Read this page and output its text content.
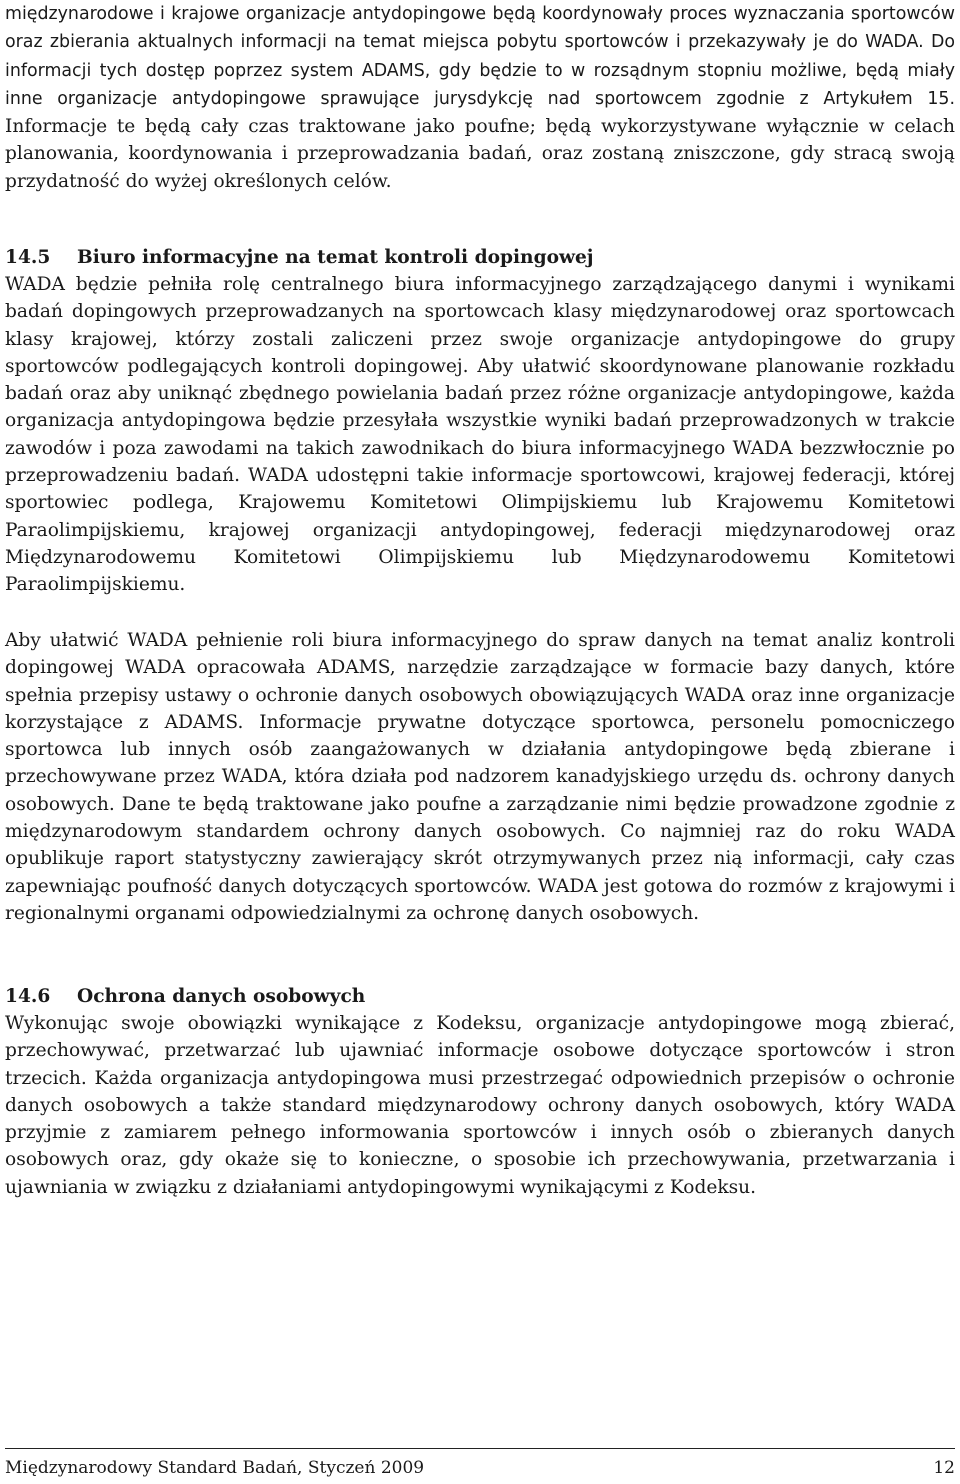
międzynarodowe i krajowe organizacje antydopingowe będą koordynowały proces wyznaczania sportowców oraz zbierania aktualnych informacji na temat miejsca pobytu sportowców i przekazywały je do WADA. Do informacji tych dostęp poprzez system ADAMS, gdy będzie to w rozsądnym stopniu możliwe, będą miały inne organizacje antydopingowe sprawujące jurysdykcję nad sportowcem zgodnie z Artykułem 15. Informacje te będą cały czas traktowane jako poufne; będą wykorzystywane wyłącznie w celach planowania, koordynowania i przeprowadzania badań, oraz zostaną zniszczone, gdy stracą swoją przydatność do wyżej określonych celów.

14.5 Biuro informacyjne na temat kontroli dopingowej

WADA będzie pełniła rolę centralnego biura informacyjnego zarządzającego danymi i wynikami badań dopingowych przeprowadzanych na sportowcach klasy międzynarodowej oraz sportowcach klasy krajowej, którzy zostali zaliczeni przez swoje organizacje antydopingowe do grupy sportowców podlegających kontroli dopingowej. Aby ułatwić skoordynowane planowanie rozkładu badań oraz aby uniknąć zbędnego powielania badań przez różne organizacje antydopingowe, każda organizacja antydopingowa będzie przesyłała wszystkie wyniki badań przeprowadzonych w trakcie zawodów i poza zawodami na takich zawodnikach do biura informacyjnego WADA bezzwłocznie po przeprowadzeniu badań. WADA udostępni takie informacje sportowcowi, krajowej federacji, której sportowiec podlega, Krajowemu Komitetowi Olimpijskiemu lub Krajowemu Komitetowi Paraolimpijskiemu, krajowej organizacji antydopingowej, federacji międzynarodowej oraz Międzynarodowemu Komitetowi Olimpijskiemu lub Międzynarodowemu Komitetowi Paraolimpijskiemu.

Aby ułatwić WADA pełnienie roli biura informacyjnego do spraw danych na temat analiz kontroli dopingowej WADA opracowała ADAMS, narzędzie zarządzające w formacie bazy danych, które spełnia przepisy ustawy o ochronie danych osobowych obowiązujących WADA oraz inne organizacje korzystające z ADAMS. Informacje prywatne dotyczące sportowca, personelu pomocniczego sportowca lub innych osób zaangażowanych w działania antydopingowe będą zbierane i przechowywane przez WADA, która działa pod nadzorem kanadyjskiego urzędu ds. ochrony danych osobowych. Dane te będą traktowane jako poufne a zarządzanie nimi będzie prowadzone zgodnie z międzynarodowym standardem ochrony danych osobowych. Co najmniej raz do roku WADA opublikuje raport statystyczny zawierający skrót otrzymywanych przez nią informacji, cały czas zapewniając poufność danych dotyczących sportowców. WADA jest gotowa do rozmów z krajowymi i regionalnymi organami odpowiedzialnymi za ochronę danych osobowych.

14.6 Ochrona danych osobowych

Wykonując swoje obowiązki wynikające z Kodeksu, organizacje antydopingowe mogą zbierać, przechowywać, przetwarzać lub ujawniać informacje osobowe dotyczące sportowców i stron trzecich. Każda organizacja antydopingowa musi przestrzegać odpowiednich przepisów o ochronie danych osobowych a także standard międzynarodowy ochrony danych osobowych, który WADA przyjmie z zamiarem pełnego informowania sportowców i innych osób o zbieranych danych osobowych oraz, gdy okaże się to konieczne, o sposobie ich przechowywania, przetwarzania i ujawniania w związku z działaniami antydopingowymi wynikającymi z Kodeksu.

Międzynarodowy Standard Badań, Styczeń 2009	12
